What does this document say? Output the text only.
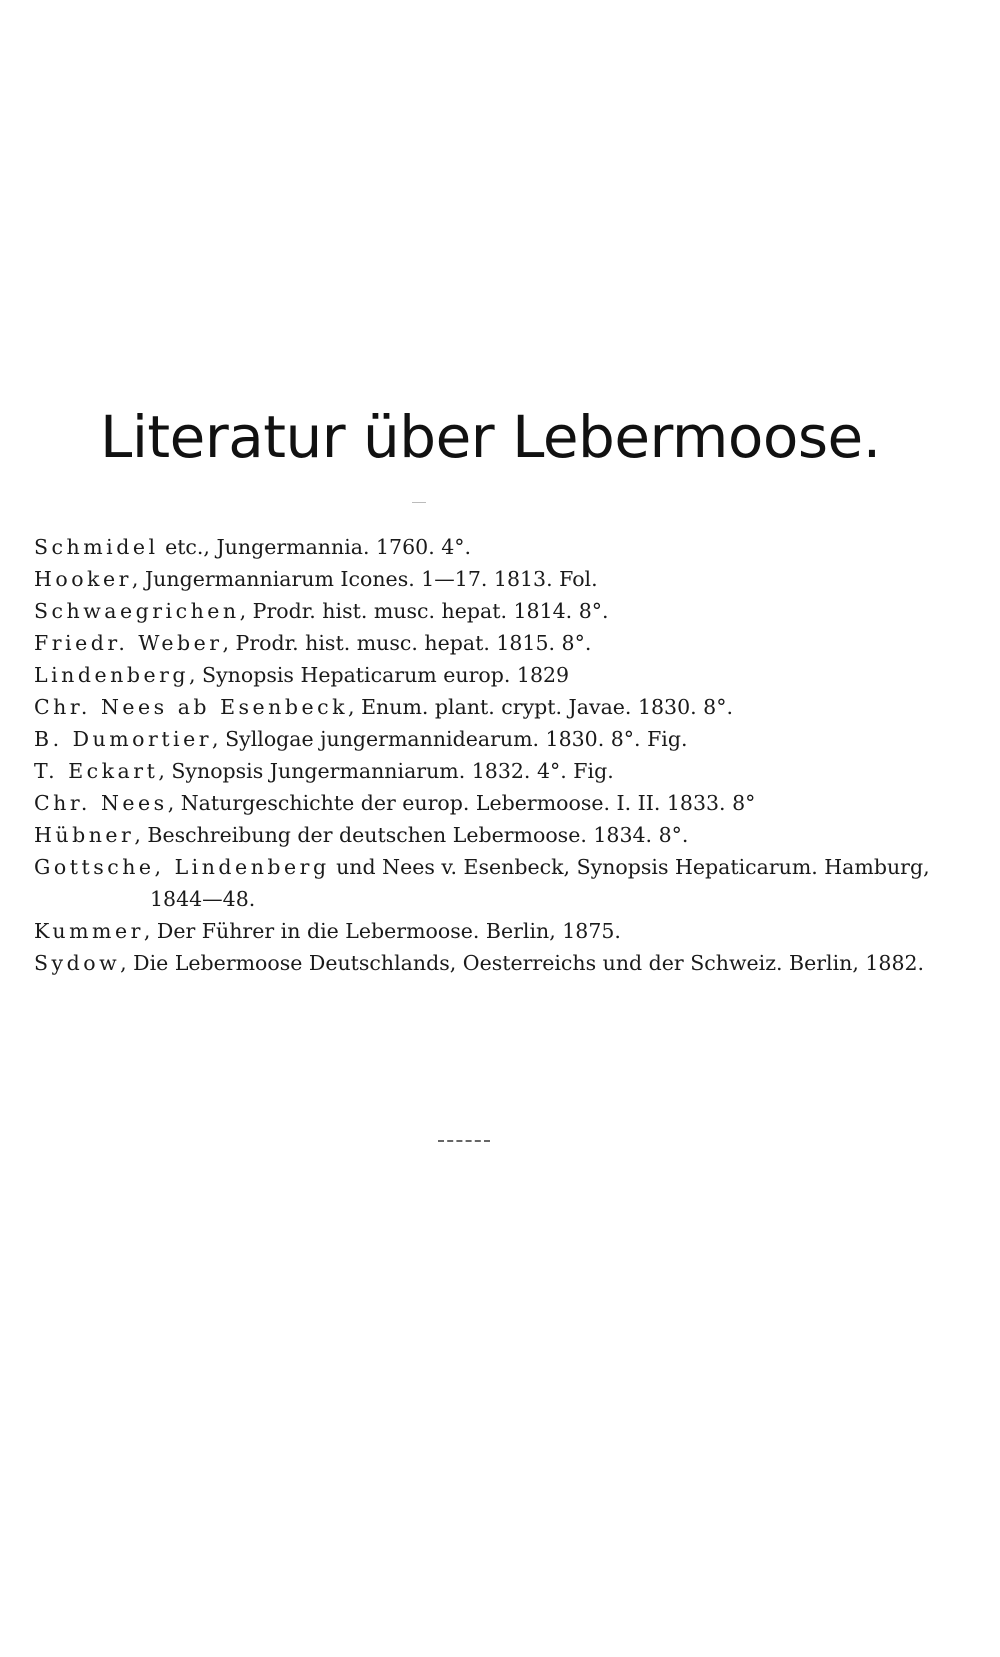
Literatur über Lebermoose.
Schmidel etc., Jungermannia. 1760. 4°.
Hooker, Jungermanniarum Icones. 1—17. 1813. Fol.
Schwaegrichen, Prodr. hist. musc. hepat. 1814. 8°.
Friedr. Weber, Prodr. hist. musc. hepat. 1815. 8°.
Lindenberg, Synopsis Hepaticarum europ. 1829
Chr. Nees ab Esenbeck, Enum. plant. crypt. Javae. 1830. 8°.
B. Dumortier, Syllogae jungermannidearum. 1830. 8°. Fig.
T. Eckart, Synopsis Jungermanniarum. 1832. 4°. Fig.
Chr. Nees, Naturgeschichte der europ. Lebermoose. I. II. 1833. 8°
Hübner, Beschreibung der deutschen Lebermoose. 1834. 8°.
Gottsche, Lindenberg und Nees v. Esenbeck, Synopsis Hepaticarum. Hamburg, 1844—48.
Kummer, Der Führer in die Lebermoose. Berlin, 1875.
Sydow, Die Lebermoose Deutschlands, Oesterreichs und der Schweiz. Berlin, 1882.
